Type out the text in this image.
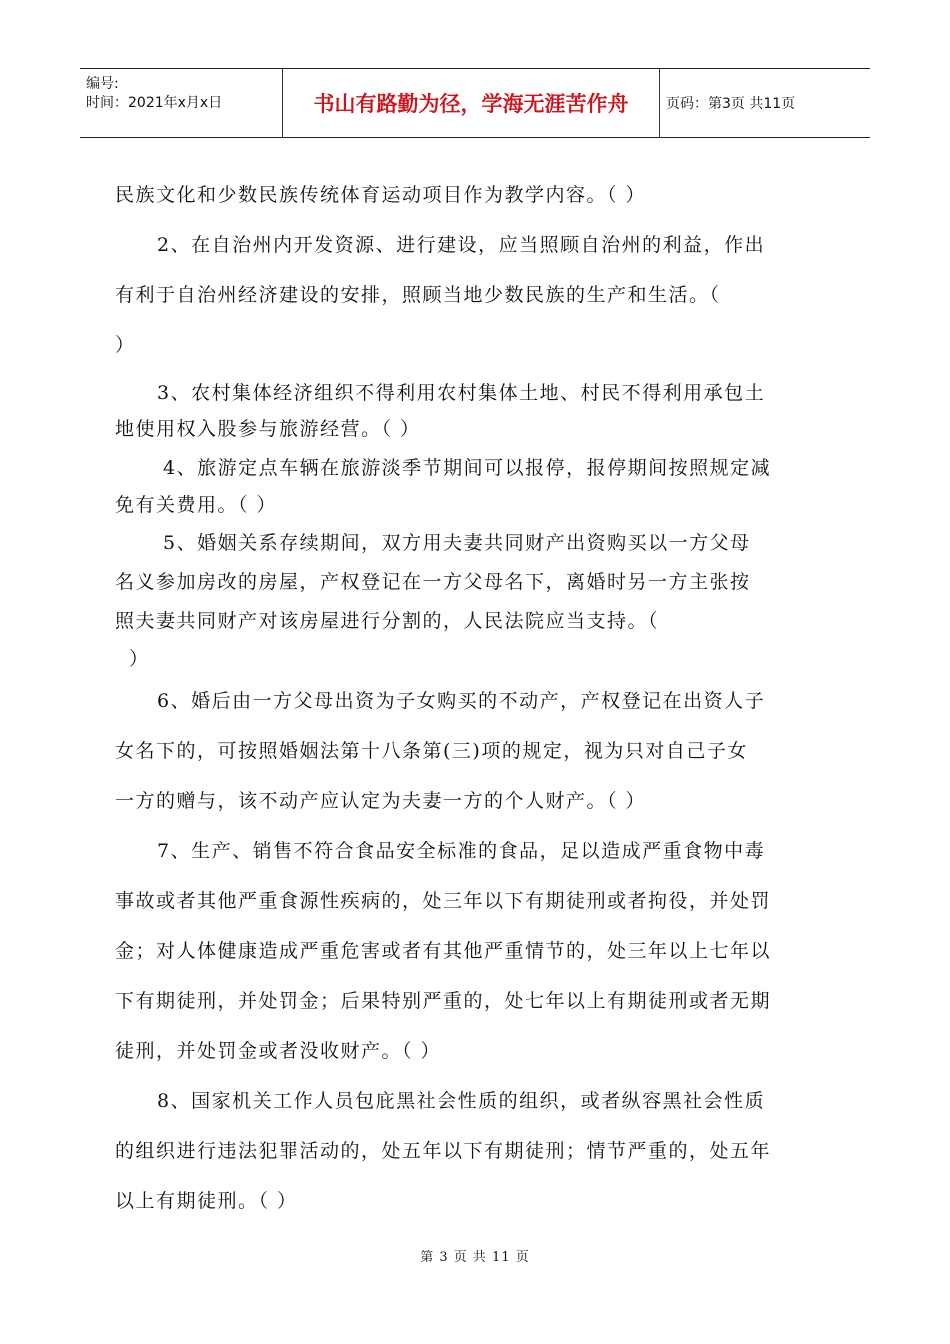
编号:
时间：2021年x月x日	书山有路勤为径，学海无涯苦作舟	页码：第3页 共11页
民族文化和少数民族传统体育运动项目作为教学内容。（ ）
2、在自治州内开发资源、进行建设，应当照顾自治州的利益，作出
有利于自治州经济建设的安排，照顾当地少数民族的生产和生活。（
）
3、农村集体经济组织不得利用农村集体土地、村民不得利用承包土
地使用权入股参与旅游经营。（ ）
4、旅游定点车辆在旅游淡季节期间可以报停，报停期间按照规定减
免有关费用。（ ）
5、婚姻关系存续期间，双方用夫妻共同财产出资购买以一方父母
名义参加房改的房屋，产权登记在一方父母名下，离婚时另一方主张按
照夫妻共同财产对该房屋进行分割的，人民法院应当支持。（
）
6、婚后由一方父母出资为子女购买的不动产，产权登记在出资人子
女名下的，可按照婚姻法第十八条第(三)项的规定，视为只对自己子女
一方的赠与，该不动产应认定为夫妻一方的个人财产。（ ）
7、生产、销售不符合食品安全标准的食品，足以造成严重食物中毒
事故或者其他严重食源性疾病的，处三年以下有期徒刑或者拘役，并处罚
金；对人体健康造成严重危害或者有其他严重情节的，处三年以上七年以
下有期徒刑，并处罚金；后果特别严重的，处七年以上有期徒刑或者无期
徒刑，并处罚金或者没收财产。（ ）
8、国家机关工作人员包庇黑社会性质的组织，或者纵容黑社会性质
的组织进行违法犯罪活动的，处五年以下有期徒刑；情节严重的，处五年
以上有期徒刑。（ ）
第 3 页 共 11 页
